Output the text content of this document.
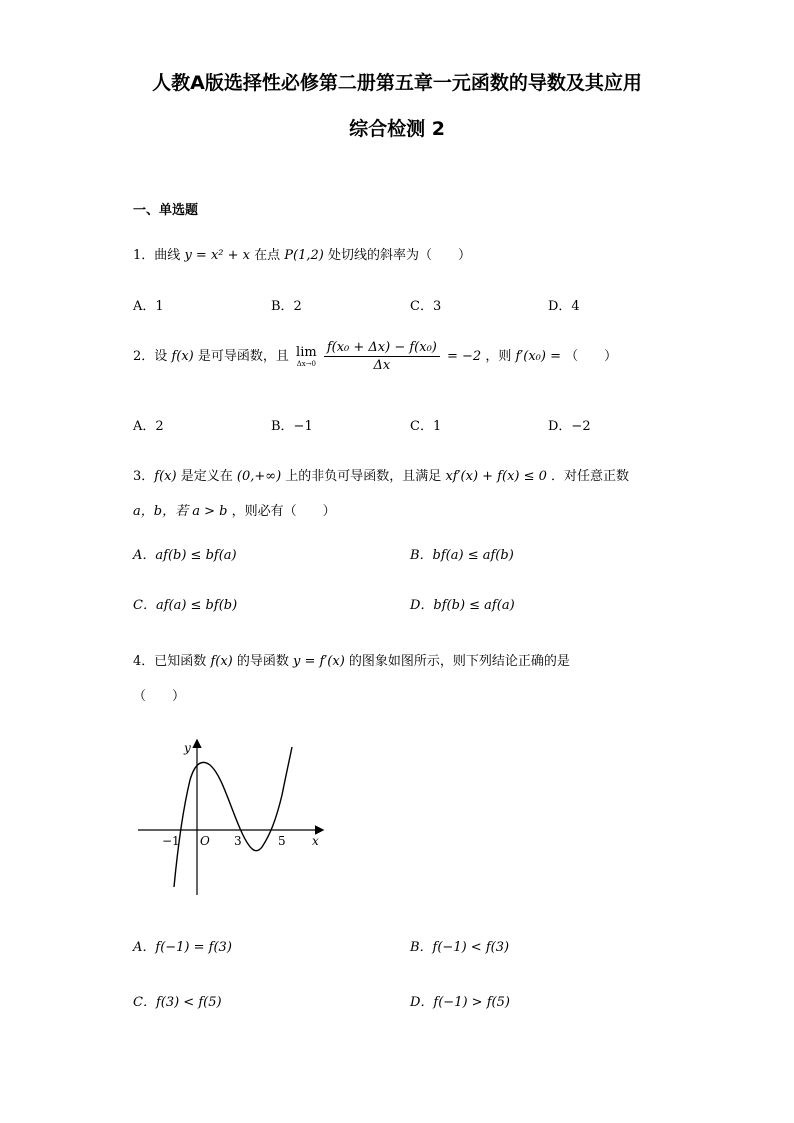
人教A版选择性必修第二册第五章一元函数的导数及其应用
综合检测 2
一、单选题
1．曲线 y = x² + x 在点 P(1,2) 处切线的斜率为（　　）
A．1	B．2	C．3	D．4
2．设 f(x) 是可导函数，且 lim
Δx→0
$\frac{\text{f(x₀ + Δx) − f(x₀)}}{\Delta x} = -2$ ，则 f′(x₀) = （　　）
A．2	B．−1	C．1	D．−2
3．f(x) 是定义在 (0,+∞) 上的非负可导函数，且满足 xf′(x) + f(x) ≤ 0 ．对任意正数
a，b，若 a > b ，则必有（　　）
A．af(b) ≤ bf(a)	B．bf(a) ≤ af(b)
C．af(a) ≤ bf(b)	D．bf(b) ≤ af(a)
4．已知函数 f(x) 的导函数 y = f′(x) 的图象如图所示，则下列结论正确的是
（　　）
y
x
O
−1	3	5
A．f(−1) = f(3)	B．f(−1) < f(3)
C．f(3) < f(5)	D．f(−1) > f(5)
